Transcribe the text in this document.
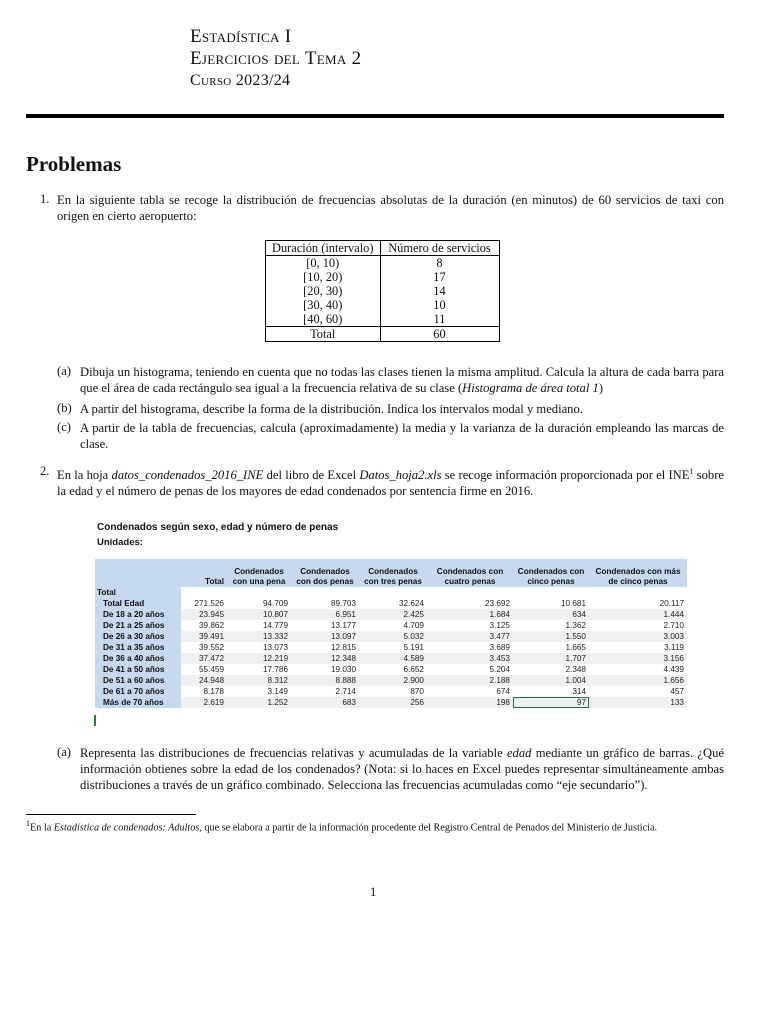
Estadística I
Ejercicios del Tema 2
Curso 2023/24
Problemas
1. En la siguiente tabla se recoge la distribución de frecuencias absolutas de la duración (en minutos) de 60 servicios de taxi con origen en cierto aeropuerto:
Duración (intervalo)	Número de servicios
[0, 10)	8
[10, 20)	17
[20, 30)	14
[30, 40)	10
[40, 60)	11
Total	60
(a) Dibuja un histograma, teniendo en cuenta que no todas las clases tienen la misma amplitud. Calcula la altura de cada barra para que el área de cada rectángulo sea igual a la frecuencia relativa de su clase (Histograma de área total 1)
(b) A partir del histograma, describe la forma de la distribución. Indica los intervalos modal y mediano.
(c) A partir de la tabla de frecuencias, calcula (aproximadamente) la media y la varianza de la duración empleando las marcas de clase.
2. En la hoja datos_condenados_2016_INE del libro de Excel Datos_hoja2.xls se recoge información proporcionada por el INE$^1$ sobre la edad y el número de penas de los mayores de edad condenados por sentencia firme en 2016.
Condenados según sexo, edad y número de penas
Unidades:
	Total	Condenados con una pena	Condenados con dos penas	Condenados con tres penas	Condenados con cuatro penas	Condenados con cinco penas	Condenados con más de cinco penas
Total							
Total Edad	271.526	94.709	89.703	32.624	23.692	10.681	20.117
De 18 a 20 años	23.945	10.807	6.951	2.425	1.684	634	1.444
De 21 a 25 años	39.862	14.779	13.177	4.709	3.125	1.362	2.710
De 26 a 30 años	39.491	13.332	13.097	5.032	3.477	1.550	3.003
De 31 a 35 años	39.552	13.073	12.815	5.191	3.689	1.665	3.119
De 36 a 40 años	37.472	12.219	12.348	4.589	3.453	1.707	3.156
De 41 a 50 años	55.459	17.786	19.030	6.652	5.204	2.348	4.439
De 51 a 60 años	24.948	8.312	8.888	2.900	2.188	1.004	1.656
De 61 a 70 años	8.178	3.149	2.714	870	674	314	457
Más de 70 años	2.619	1.252	683	256	198	97	133
(a) Representa las distribuciones de frecuencias relativas y acumuladas de la variable edad mediante un gráfico de barras. ¿Qué información obtienes sobre la edad de los condenados? (Nota: si lo haces en Excel puedes representar simultáneamente ambas distribuciones a través de un gráfico combinado. Selecciona las frecuencias acumuladas como “eje secundario”).
$^1$En la Estadística de condenados: Adultos, que se elabora a partir de la información procedente del Registro Central de Penados del Ministerio de Justicia.
1
